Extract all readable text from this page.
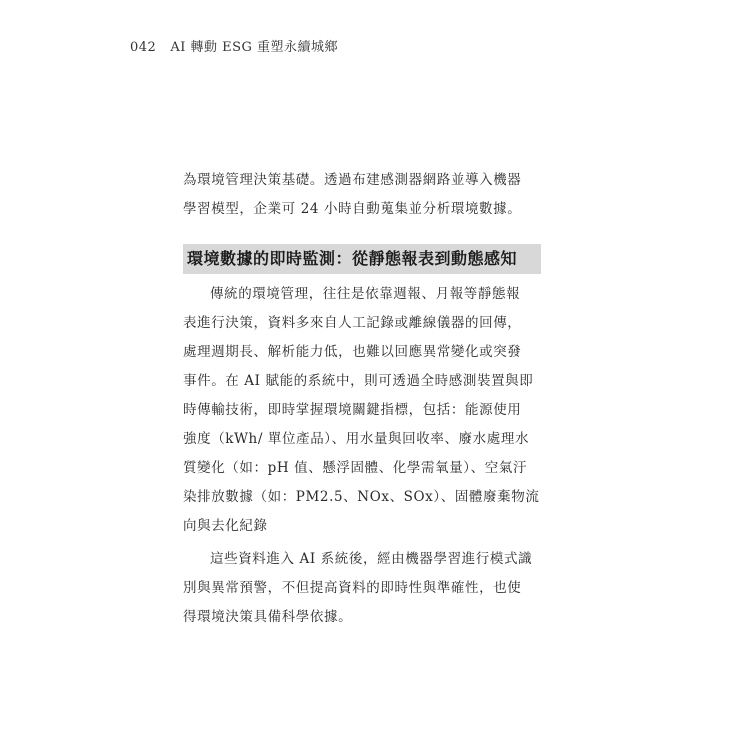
042 AI 轉動 ESG 重塑永續城鄉

為環境管理決策基礎。透過布建感測器網路並導入機器
學習模型，企業可 24 小時自動蒐集並分析環境數據。

環境數據的即時監測：從靜態報表到動態感知

傳統的環境管理，往往是依靠週報、月報等靜態報
表進行決策，資料多來自人工記錄或離線儀器的回傳，
處理週期長、解析能力低，也難以回應異常變化或突發
事件。在 AI 賦能的系統中，則可透過全時感測裝置與即
時傳輸技術，即時掌握環境關鍵指標，包括：能源使用
強度（kWh/ 單位產品）、用水量與回收率、廢水處理水
質變化（如：pH 值、懸浮固體、化學需氧量）、空氣汙
染排放數據（如：PM2.5、NOx、SOx）、固體廢棄物流
向與去化紀錄

這些資料進入 AI 系統後，經由機器學習進行模式識
別與異常預警，不但提高資料的即時性與準確性，也使
得環境決策具備科學依據。
